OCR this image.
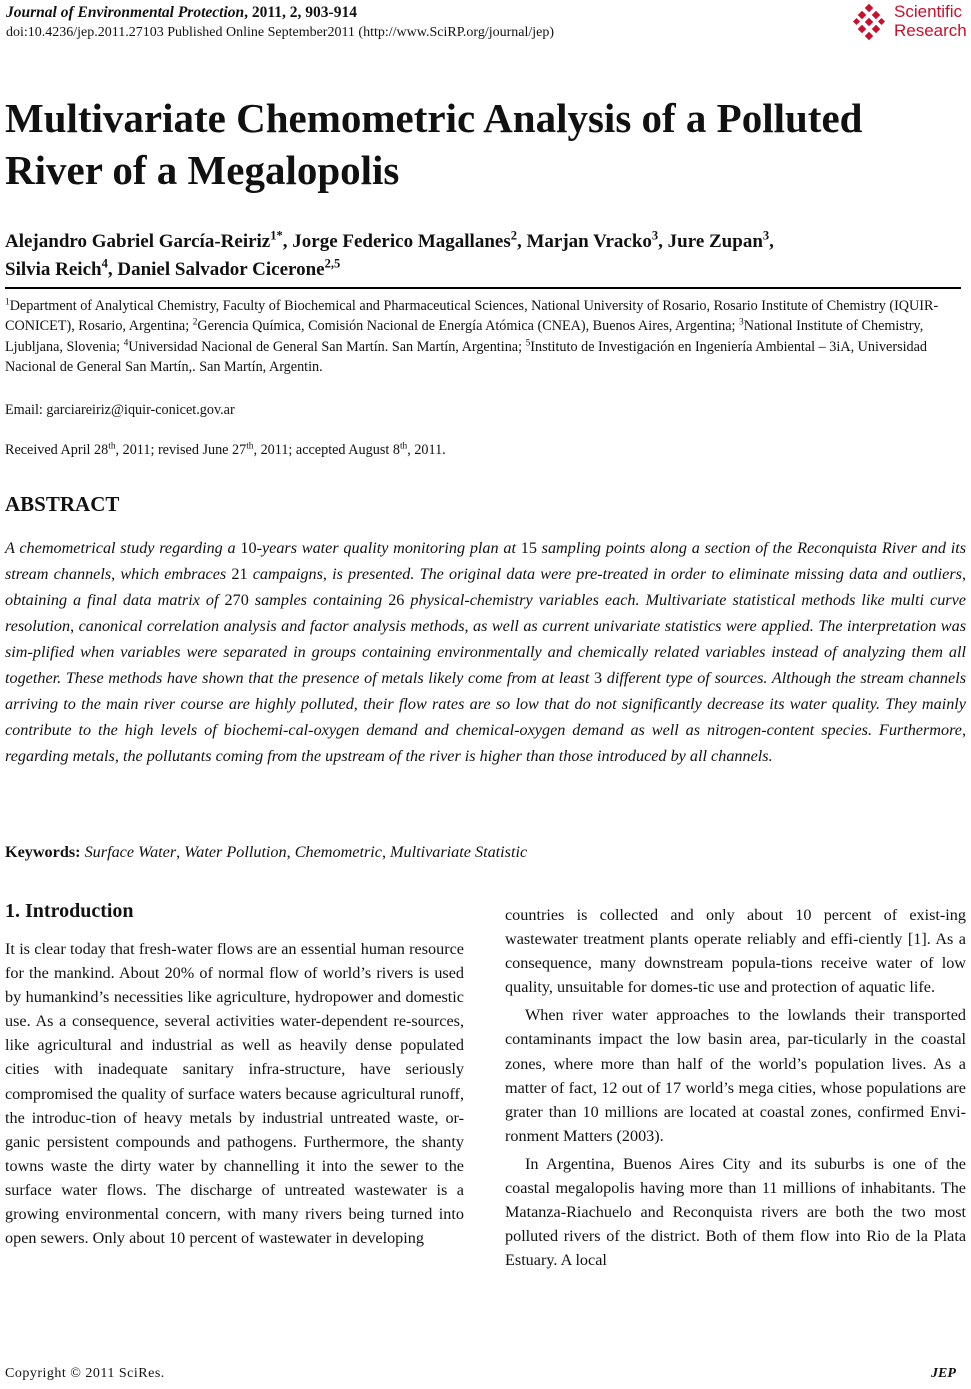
Journal of Environmental Protection, 2011, 2, 903-914
doi:10.4236/jep.2011.27103 Published Online September2011 (http://www.SciRP.org/journal/jep)
Scientific
Research
Multivariate Chemometric Analysis of a Polluted River of a Megalopolis
Alejandro Gabriel García-Reiriz$^{1*}$, Jorge Federico Magallanes$^2$, Marjan Vracko$^3$, Jure Zupan$^3$,
Silvia Reich$^4$, Daniel Salvador Cicerone$^{2,5}$
$^1$Department of Analytical Chemistry, Faculty of Biochemical and Pharmaceutical Sciences, National University of Rosario, Rosario Institute of Chemistry (IQUIR-CONICET), Rosario, Argentina; $^2$Gerencia Química, Comisión Nacional de Energía Atómica (CNEA), Buenos Aires, Argentina; $^3$National Institute of Chemistry, Ljubljana, Slovenia; $^4$Universidad Nacional de General San Martín. San Martín, Argentina; $^5$Instituto de Investigación en Ingeniería Ambiental – 3iA, Universidad Nacional de General San Martín,. San Martín, Argentin.
Email: garciareiriz@iquir-conicet.gov.ar
Received April 28th, 2011; revised June 27th, 2011; accepted August 8th, 2011.
ABSTRACT
A chemometrical study regarding a 10-years water quality monitoring plan at 15 sampling points along a section of the Reconquista River and its stream channels, which embraces 21 campaigns, is presented. The original data were pre-treated in order to eliminate missing data and outliers, obtaining a final data matrix of 270 samples containing 26 physical-chemistry variables each. Multivariate statistical methods like multi curve resolution, canonical correlation analysis and factor analysis methods, as well as current univariate statistics were applied. The interpretation was sim-plified when variables were separated in groups containing environmentally and chemically related variables instead of analyzing them all together. These methods have shown that the presence of metals likely come from at least 3 different type of sources. Although the stream channels arriving to the main river course are highly polluted, their flow rates are so low that do not significantly decrease its water quality. They mainly contribute to the high levels of biochemi-cal-oxygen demand and chemical-oxygen demand as well as nitrogen-content species. Furthermore, regarding metals, the pollutants coming from the upstream of the river is higher than those introduced by all channels.
Keywords: Surface Water, Water Pollution, Chemometric, Multivariate Statistic
1. Introduction

It is clear today that fresh-water flows are an essential human resource for the mankind. About 20% of normal flow of world’s rivers is used by humankind’s necessities like agriculture, hydropower and domestic use. As a consequence, several activities water-dependent re-sources, like agricultural and industrial as well as heavily dense populated cities with inadequate sanitary infra-structure, have seriously compromised the quality of surface waters because agricultural runoff, the introduc-tion of heavy metals by industrial untreated waste, or-ganic persistent compounds and pathogens. Furthermore, the shanty towns waste the dirty water by channelling it into the sewer to the surface water flows. The discharge of untreated wastewater is a growing environmental concern, with many rivers being turned into open sewers. Only about 10 percent of wastewater in developing

countries is collected and only about 10 percent of exist-ing wastewater treatment plants operate reliably and effi-ciently [1]. As a consequence, many downstream popula-tions receive water of low quality, unsuitable for domes-tic use and protection of aquatic life.

When river water approaches to the lowlands their transported contaminants impact the low basin area, par-ticularly in the coastal zones, where more than half of the world’s population lives. As a matter of fact, 12 out of 17 world’s mega cities, whose populations are grater than 10 millions are located at coastal zones, confirmed Envi-ronment Matters (2003).

In Argentina, Buenos Aires City and its suburbs is one of the coastal megalopolis having more than 11 millions of inhabitants. The Matanza-Riachuelo and Reconquista rivers are both the two most polluted rivers of the district. Both of them flow into Rio de la Plata Estuary. A local

Copyright © 2011 SciRes.	JEP
